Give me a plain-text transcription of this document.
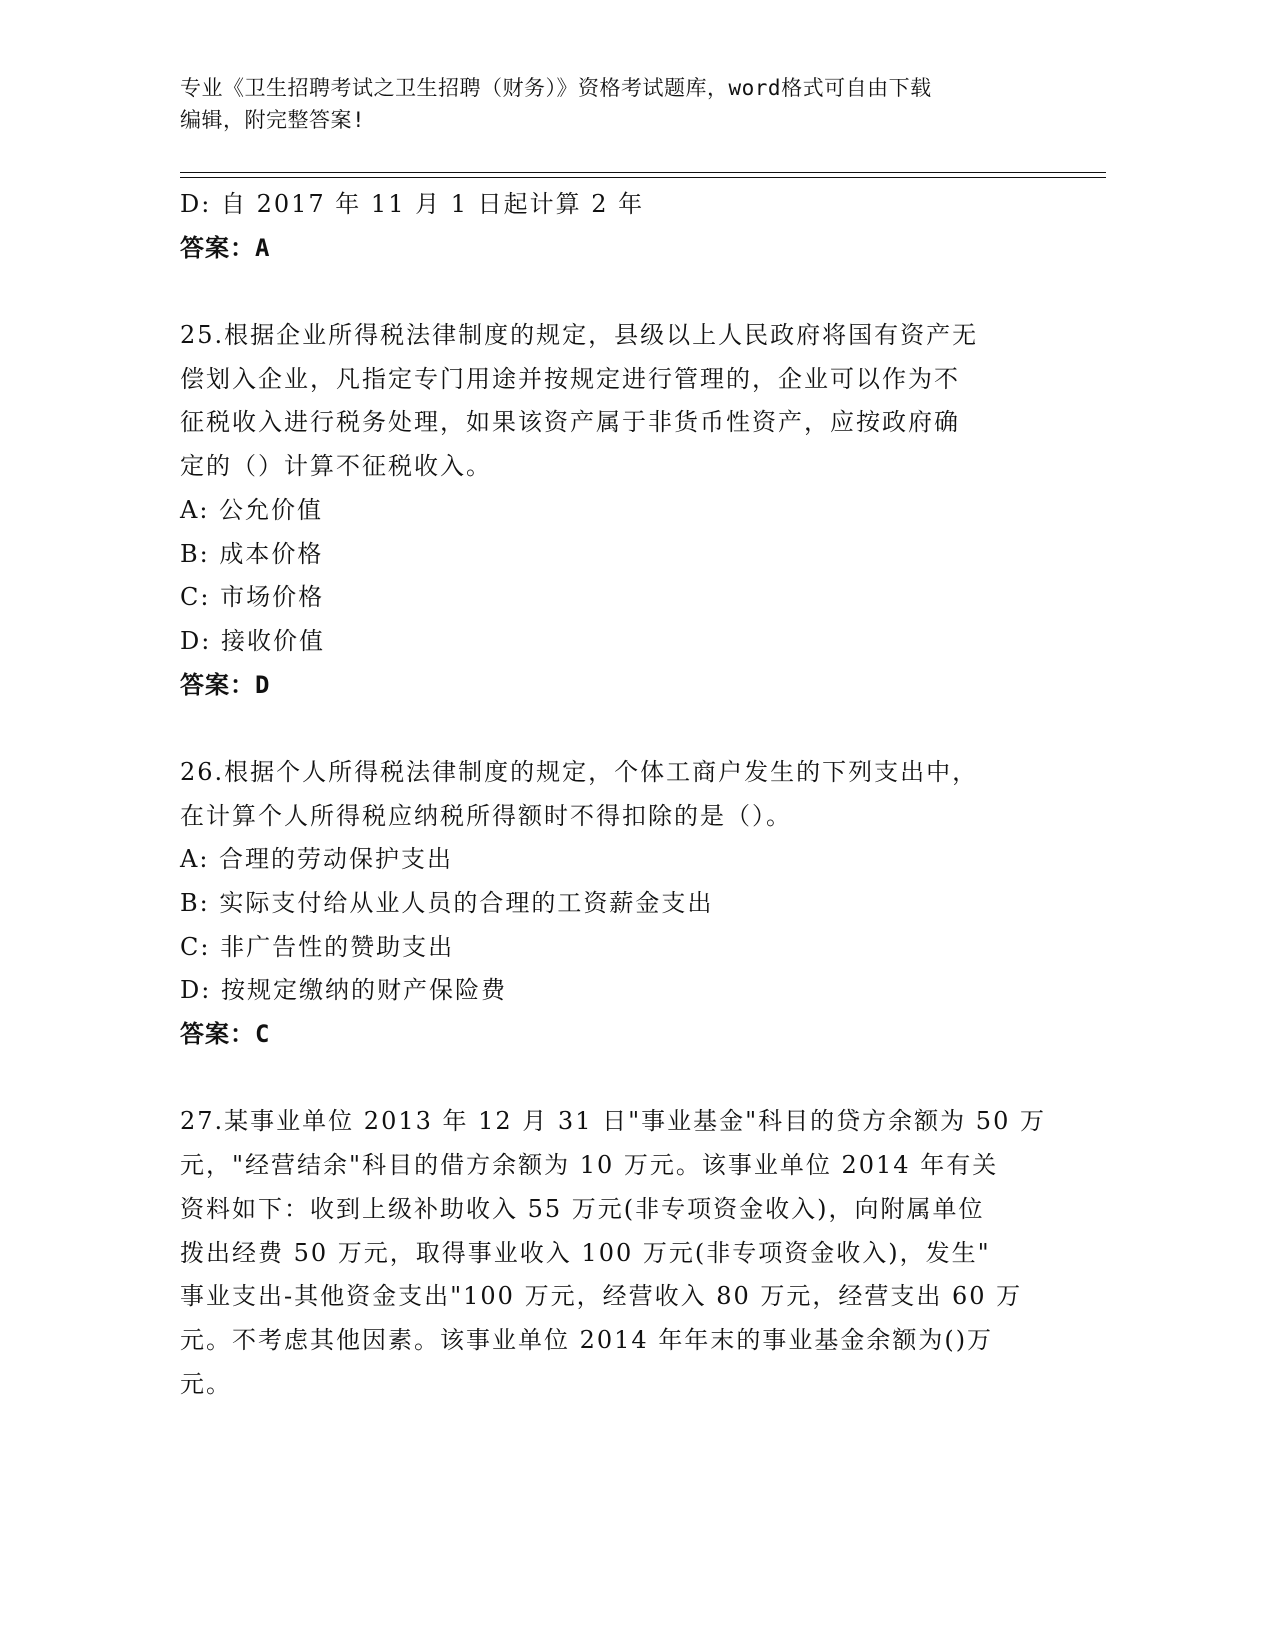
专业《卫生招聘考试之卫生招聘（财务）》资格考试题库，word格式可自由下载
编辑，附完整答案!
D: 自 2017 年 11 月 1 日起计算 2 年
答案：A
25.根据企业所得税法律制度的规定，县级以上人民政府将国有资产无
偿划入企业，凡指定专门用途并按规定进行管理的，企业可以作为不
征税收入进行税务处理，如果该资产属于非货币性资产，应按政府确
定的（）计算不征税收入。
A: 公允价值
B: 成本价格
C: 市场价格
D: 接收价值
答案：D
26.根据个人所得税法律制度的规定，个体工商户发生的下列支出中，
在计算个人所得税应纳税所得额时不得扣除的是（）。
A: 合理的劳动保护支出
B: 实际支付给从业人员的合理的工资薪金支出
C: 非广告性的赞助支出
D: 按规定缴纳的财产保险费
答案：C
27.某事业单位 2013 年 12 月 31 日"事业基金"科目的贷方余额为 50 万
元，"经营结余"科目的借方余额为 10 万元。该事业单位 2014 年有关
资料如下：收到上级补助收入 55 万元(非专项资金收入)，向附属单位
拨出经费 50 万元，取得事业收入 100 万元(非专项资金收入)，发生"
事业支出-其他资金支出"100 万元，经营收入 80 万元，经营支出 60 万
元。不考虑其他因素。该事业单位 2014 年年末的事业基金余额为()万
元。
